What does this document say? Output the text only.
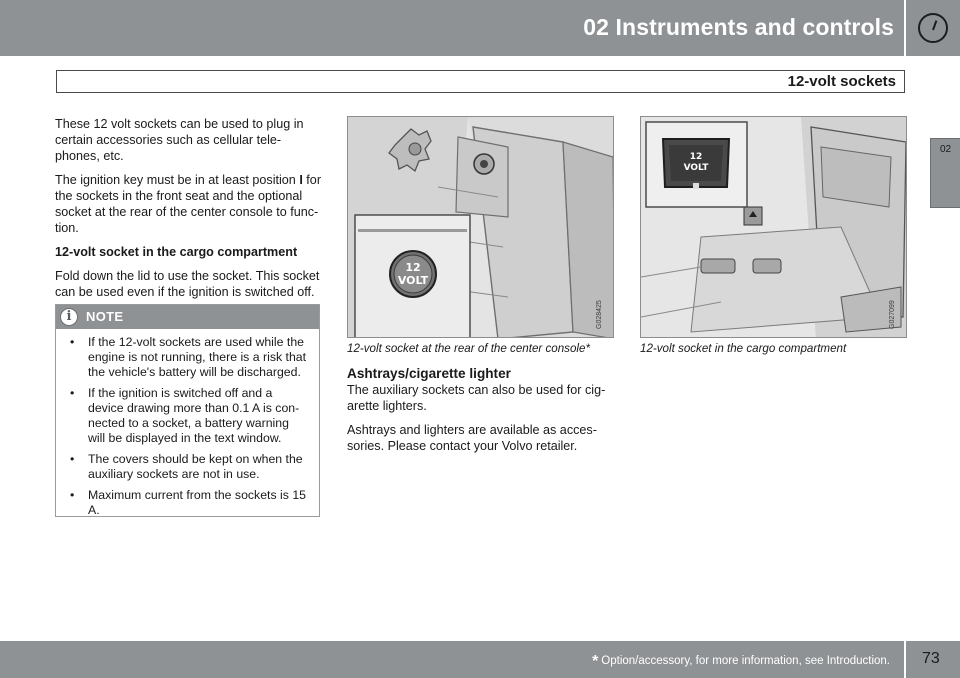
02 Instruments and controls
12-volt sockets
02

These 12 volt sockets can be used to plug in certain accessories such as cellular tele-phones, etc.

The ignition key must be in at least position I for the sockets in the front seat and the optional socket at the rear of the center console to func-tion.

12-volt socket in the cargo compartment

Fold down the lid to use the socket. This socket can be used even if the ignition is switched off.

i	NOTE
• If the 12-volt sockets are used while the engine is not running, there is a risk that the vehicle's battery will be discharged.
• If the ignition is switched off and a device drawing more than 0.1 A is con-nected to a socket, a battery warning will be displayed in the text window.
• The covers should be kept on when the auxiliary sockets are not in use.
• Maximum current from the sockets is 15 A.
12
VOLT
G028425
12-volt socket at the rear of the center console*
12
VOLT
G027099
12-volt socket in the cargo compartment
Ashtrays/cigarette lighter

The auxiliary sockets can also be used for cig-arette lighters.

Ashtrays and lighters are available as acces-sories. Please contact your Volvo retailer.

* Option/accessory, for more information, see Introduction. 73
